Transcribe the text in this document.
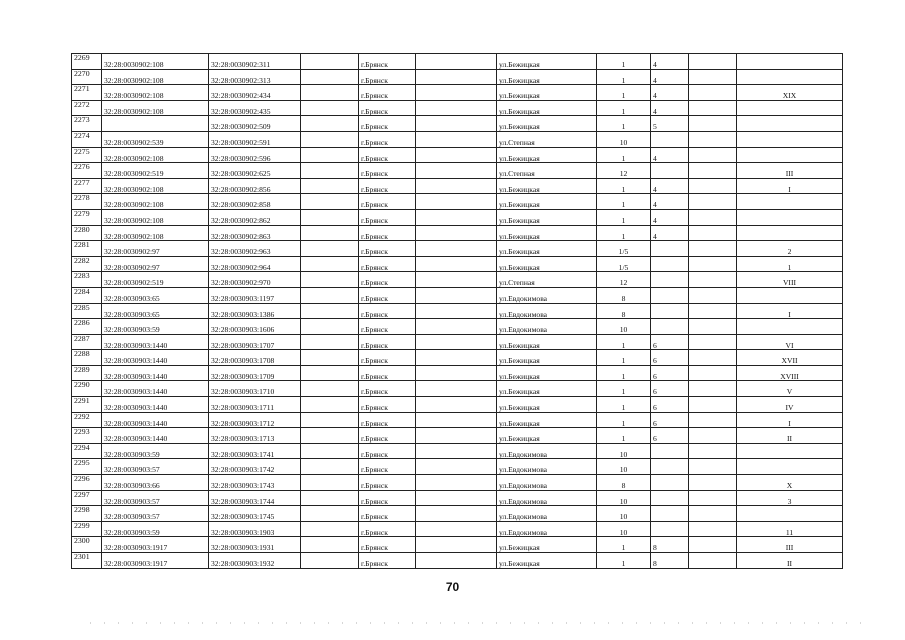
2269	32:28:0030902:108	32:28:0030902:311		г.Брянск		ул.Бежицкая	1	4		
2270	32:28:0030902:108	32:28:0030902:313		г.Брянск		ул.Бежицкая	1	4		
2271	32:28:0030902:108	32:28:0030902:434		г.Брянск		ул.Бежицкая	1	4		XIX
2272	32:28:0030902:108	32:28:0030902:435		г.Брянск		ул.Бежицкая	1	4		
2273		32:28:0030902:509		г.Брянск		ул.Бежицкая	1	5		
2274	32:28:0030902:539	32:28:0030902:591		г.Брянск		ул.Степная	10			
2275	32:28:0030902:108	32:28:0030902:596		г.Брянск		ул.Бежицкая	1	4		
2276	32:28:0030902:519	32:28:0030902:625		г.Брянск		ул.Степная	12			III
2277	32:28:0030902:108	32:28:0030902:856		г.Брянск		ул.Бежицкая	1	4		I
2278	32:28:0030902:108	32:28:0030902:858		г.Брянск		ул.Бежицкая	1	4		
2279	32:28:0030902:108	32:28:0030902:862		г.Брянск		ул.Бежицкая	1	4		
2280	32:28:0030902:108	32:28:0030902:863		г.Брянск		ул.Бежицкая	1	4		
2281	32:28:0030902:97	32:28:0030902:963		г.Брянск		ул.Бежицкая	1/5			2
2282	32:28:0030902:97	32:28:0030902:964		г.Брянск		ул.Бежицкая	1/5			1
2283	32:28:0030902:519	32:28:0030902:970		г.Брянск		ул.Степная	12			VIII
2284	32:28:0030903:65	32:28:0030903:1197		г.Брянск		ул.Евдокимова	8			
2285	32:28:0030903:65	32:28:0030903:1386		г.Брянск		ул.Евдокимова	8			I
2286	32:28:0030903:59	32:28:0030903:1606		г.Брянск		ул.Евдокимова	10			
2287	32:28:0030903:1440	32:28:0030903:1707		г.Брянск		ул.Бежицкая	1	6		VI
2288	32:28:0030903:1440	32:28:0030903:1708		г.Брянск		ул.Бежицкая	1	6		XVII
2289	32:28:0030903:1440	32:28:0030903:1709		г.Брянск		ул.Бежицкая	1	6		XVIII
2290	32:28:0030903:1440	32:28:0030903:1710		г.Брянск		ул.Бежицкая	1	6		V
2291	32:28:0030903:1440	32:28:0030903:1711		г.Брянск		ул.Бежицкая	1	6		IV
2292	32:28:0030903:1440	32:28:0030903:1712		г.Брянск		ул.Бежицкая	1	6		I
2293	32:28:0030903:1440	32:28:0030903:1713		г.Брянск		ул.Бежицкая	1	6		II
2294	32:28:0030903:59	32:28:0030903:1741		г.Брянск		ул.Евдокимова	10			
2295	32:28:0030903:57	32:28:0030903:1742		г.Брянск		ул.Евдокимова	10			
2296	32:28:0030903:66	32:28:0030903:1743		г.Брянск		ул.Евдокимова	8			X
2297	32:28:0030903:57	32:28:0030903:1744		г.Брянск		ул.Евдокимова	10			3
2298	32:28:0030903:57	32:28:0030903:1745		г.Брянск		ул.Евдокимова	10			
2299	32:28:0030903:59	32:28:0030903:1903		г.Брянск		ул.Евдокимова	10			11
2300	32:28:0030903:1917	32:28:0030903:1931		г.Брянск		ул.Бежицкая	1	8		III
2301	32:28:0030903:1917	32:28:0030903:1932		г.Брянск		ул.Бежицкая	1	8		II
70
